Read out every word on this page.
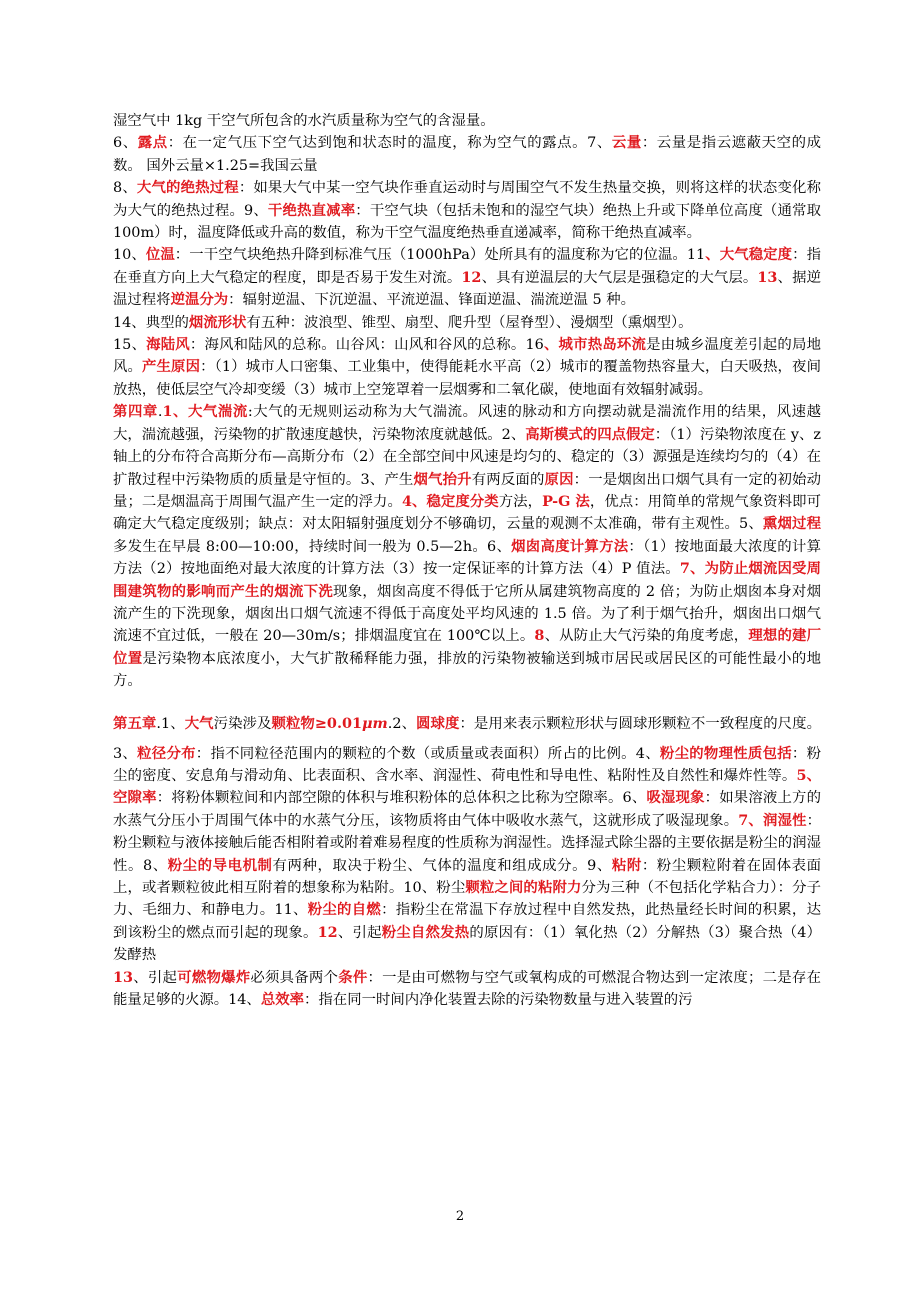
湿空气中 1kg 干空气所包含的水汽质量称为空气的含湿量。

6、露点：在一定气压下空气达到饱和状态时的温度，称为空气的露点。7、云量：云量是指云遮蔽天空的成数。 国外云量×1.25=我国云量

8、大气的绝热过程：如果大气中某一空气块作垂直运动时与周围空气不发生热量交换，则将这样的状态变化称为大气的绝热过程。9、干绝热直减率：干空气块（包括未饱和的湿空气块）绝热上升或下降单位高度（通常取 100m）时，温度降低或升高的数值，称为干空气温度绝热垂直递减率，简称干绝热直减率。

10、位温：一干空气块绝热升降到标准气压（1000hPa）处所具有的温度称为它的位温。11、大气稳定度：指在垂直方向上大气稳定的程度，即是否易于发生对流。12、具有逆温层的大气层是强稳定的大气层。13、据逆温过程将逆温分为：辐射逆温、下沉逆温、平流逆温、锋面逆温、湍流逆温 5 种。

14、典型的烟流形状有五种：波浪型、锥型、扇型、爬升型（屋脊型）、漫烟型（熏烟型）。

15、海陆风：海风和陆风的总称。山谷风：山风和谷风的总称。16、城市热岛环流是由城乡温度差引起的局地风。产生原因：（1）城市人口密集、工业集中，使得能耗水平高（2）城市的覆盖物热容量大，白天吸热，夜间放热，使低层空气冷却变缓（3）城市上空笼罩着一层烟雾和二氧化碳，使地面有效辐射减弱。

第四章.1、大气湍流:大气的无规则运动称为大气湍流。风速的脉动和方向摆动就是湍流作用的结果，风速越大，湍流越强，污染物的扩散速度越快，污染物浓度就越低。2、高斯模式的四点假定：（1）污染物浓度在 y、z 轴上的分布符合高斯分布—高斯分布（2）在全部空间中风速是均匀的、稳定的（3）源强是连续均匀的（4）在扩散过程中污染物质的质量是守恒的。3、产生烟气抬升有两反面的原因：一是烟囱出口烟气具有一定的初始动量；二是烟温高于周围气温产生一定的浮力。4、稳定度分类方法，P-G 法，优点：用简单的常规气象资料即可确定大气稳定度级别；缺点：对太阳辐射强度划分不够确切，云量的观测不太准确，带有主观性。5、熏烟过程多发生在早晨 8:00—10:00，持续时间一般为 0.5—2h。6、烟囱高度计算方法：（1）按地面最大浓度的计算方法（2）按地面绝对最大浓度的计算方法（3）按一定保证率的计算方法（4）P 值法。7、为防止烟流因受周围建筑物的影响而产生的烟流下洗现象，烟囱高度不得低于它所从属建筑物高度的 2 倍；为防止烟囱本身对烟流产生的下洗现象，烟囱出口烟气流速不得低于高度处平均风速的 1.5 倍。为了利于烟气抬升，烟囱出口烟气流速不宜过低，一般在 20—30m/s；排烟温度宜在 100℃以上。8、从防止大气污染的角度考虑，理想的建厂位置是污染物本底浓度小，大气扩散稀释能力强，排放的污染物被输送到城市居民或居民区的可能性最小的地方。

第五章.1、大气污染涉及颗粒物≥0.01μm.2、圆球度：是用来表示颗粒形状与圆球形颗粒不一致程度的尺度。3、粒径分布：指不同粒径范围内的颗粒的个数（或质量或表面积）所占的比例。4、粉尘的物理性质包括：粉尘的密度、安息角与滑动角、比表面积、含水率、润湿性、荷电性和导电性、粘附性及自然性和爆炸性等。5、空隙率：将粉体颗粒间和内部空隙的体积与堆积粉体的总体积之比称为空隙率。6、吸湿现象：如果溶液上方的水蒸气分压小于周围气体中的水蒸气分压，该物质将由气体中吸收水蒸气，这就形成了吸湿现象。7、润湿性：粉尘颗粒与液体接触后能否相附着或附着难易程度的性质称为润湿性。选择湿式除尘器的主要依据是粉尘的润湿性。8、粉尘的导电机制有两种，取决于粉尘、气体的温度和组成成分。9、粘附：粉尘颗粒附着在固体表面上，或者颗粒彼此相互附着的想象称为粘附。10、粉尘颗粒之间的粘附力分为三种（不包括化学粘合力）：分子力、毛细力、和静电力。11、粉尘的自燃：指粉尘在常温下存放过程中自然发热，此热量经长时间的积累，达到该粉尘的燃点而引起的现象。12、引起粉尘自然发热的原因有：（1）氧化热（2）分解热（3）聚合热（4）发酵热

13、引起可燃物爆炸必须具备两个条件：一是由可燃物与空气或氧构成的可燃混合物达到一定浓度；二是存在能量足够的火源。14、总效率：指在同一时间内净化装置去除的污染物数量与进入装置的污

2
